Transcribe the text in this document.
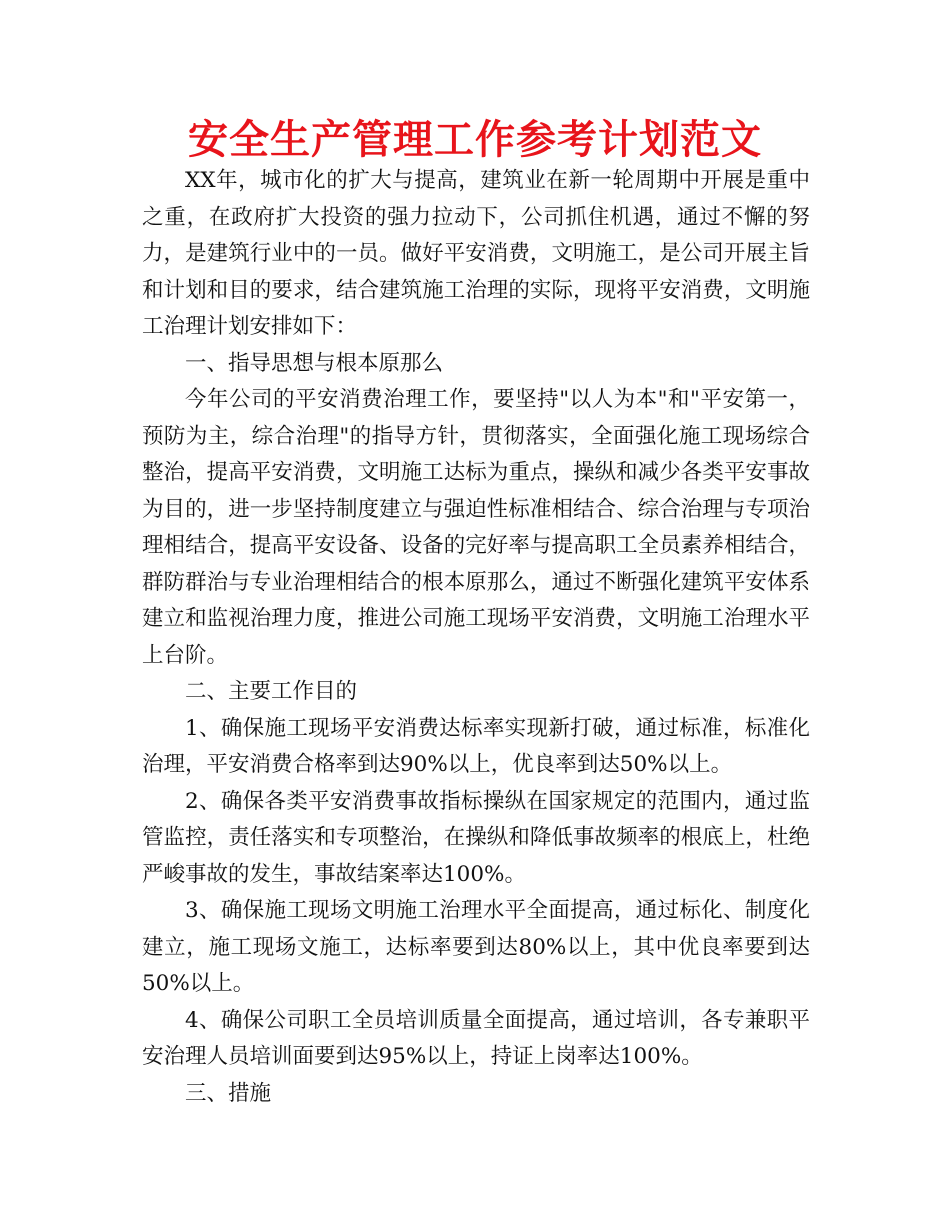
安全生产管理工作参考计划范文

XX年，城市化的扩大与提高，建筑业在新一轮周期中开展是重中之重，在政府扩大投资的强力拉动下，公司抓住机遇，通过不懈的努力，是建筑行业中的一员。做好平安消费，文明施工，是公司开展主旨和计划和目的要求，结合建筑施工治理的实际，现将平安消费，文明施工治理计划安排如下：

一、指导思想与根本原那么

今年公司的平安消费治理工作，要坚持"以人为本"和"平安第一，预防为主，综合治理"的指导方针，贯彻落实，全面强化施工现场综合整治，提高平安消费，文明施工达标为重点，操纵和减少各类平安事故为目的，进一步坚持制度建立与强迫性标准相结合、综合治理与专项治理相结合，提高平安设备、设备的完好率与提高职工全员素养相结合，群防群治与专业治理相结合的根本原那么，通过不断强化建筑平安体系建立和监视治理力度，推进公司施工现场平安消费，文明施工治理水平上台阶。

二、主要工作目的

1、确保施工现场平安消费达标率实现新打破，通过标准，标准化治理，平安消费合格率到达90%以上，优良率到达50%以上。

2、确保各类平安消费事故指标操纵在国家规定的范围内，通过监管监控，责任落实和专项整治，在操纵和降低事故频率的根底上，杜绝严峻事故的发生，事故结案率达100%。

3、确保施工现场文明施工治理水平全面提高，通过标化、制度化建立，施工现场文施工，达标率要到达80%以上，其中优良率要到达50%以上。

4、确保公司职工全员培训质量全面提高，通过培训，各专兼职平安治理人员培训面要到达95%以上，持证上岗率达100%。

三、措施
